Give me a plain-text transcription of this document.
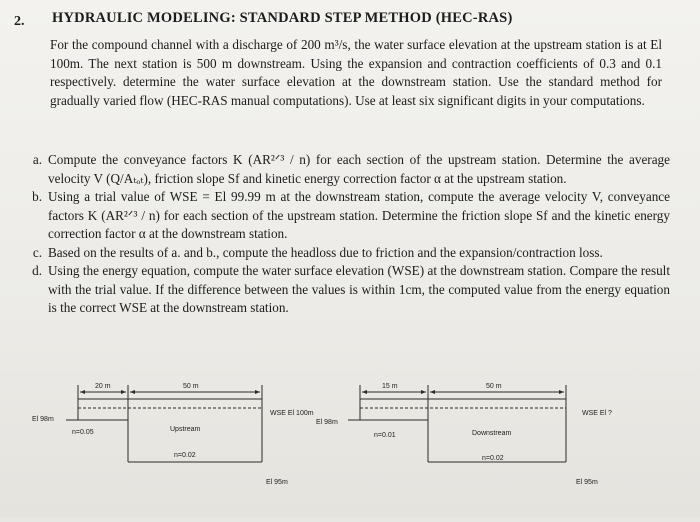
2. HYDRAULIC MODELING: STANDARD STEP METHOD (HEC-RAS)
For the compound channel with a discharge of 200 m³/s, the water surface elevation at the upstream station is at El 100m. The next station is 500 m downstream. Using the expansion and contraction coefficients of 0.3 and 0.1 respectively. determine the water surface elevation at the downstream station. Use the standard method for gradually varied flow (HEC-RAS manual computations). Use at least six significant digits in your computations.
a. Compute the conveyance factors K (AR²ᐟ³ / n) for each section of the upstream station. Determine the average velocity V (Q/Aₜₒₜ), friction slope Sf and kinetic energy correction factor α at the upstream station.
b. Using a trial value of WSE = El 99.99 m at the downstream station, compute the average velocity V, conveyance factors K (AR²ᐟ³ / n) for each section of the upstream station. Determine the friction slope Sf and the kinetic energy correction factor α at the downstream station.
c. Based on the results of a. and b., compute the headloss due to friction and the expansion/contraction loss.
d. Using the energy equation, compute the water surface elevation (WSE) at the downstream station. Compare the result with the trial value. If the difference between the values is within 1cm, the computed value from the energy equation is the correct WSE at the downstream station.
20 m	50 m
El 98m
n=0.05	Upstream
n=0.02
WSE El 100m
El 95m
15 m	50 m
El 98m
n=0.01	Downstream
n=0.02
WSE El ?
El 95m
